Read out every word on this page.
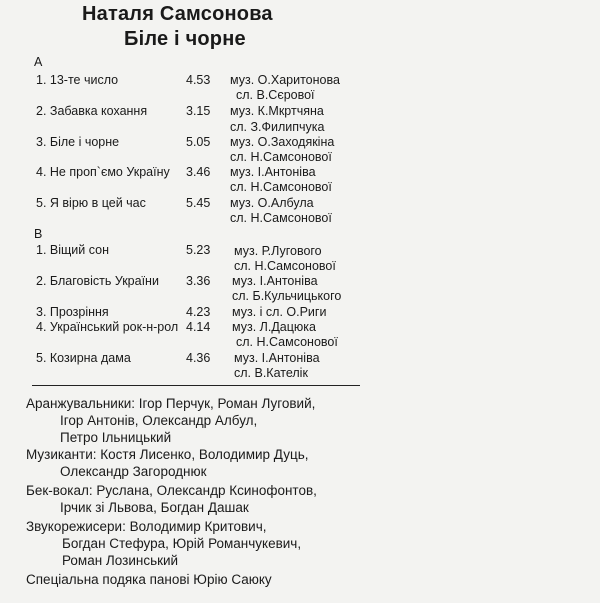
Наталя Самсонова
Біле і чорне
A
1. 13-те число	4.53 муз. О.Харитонова
сл. В.Сєрової
2. Забавка кохання	3.15 муз. К.Мкртчяна
сл. З.Филипчука
3. Біле і чорне	5.05 муз. О.Заходякіна
сл. Н.Самсонової
4. Не проп`ємо Україну 3.46 муз. І.Антоніва
сл. Н.Самсонової
5. Я вірю в цей час	5.45 муз. О.Албула
сл. Н.Самсонової
B
1. Віщий сон	5.23 муз. Р.Лугового
сл. Н.Самсонової
2. Благовість України 3.36 муз. І.Антоніва
сл. Б.Кульчицького
3. Прозріння	4.23 муз. і сл. О.Риги
4. Український рок-н-рол 4.14 муз. Л.Дацюка
сл. Н.Самсонової
5. Козирна дама	4.36 муз. І.Антоніва
сл. В.Кателік
Аранжувальники: Ігор Перчук, Роман Луговий,
Ігор Антонів, Олександр Албул,
Петро Ільницький
Музиканти: Костя Лисенко, Володимир Дуць,
Олександр Загороднюк
Бек-вокал: Руслана, Олександр Ксинофонтов,
Ірчик зі Львова, Богдан Дашак
Звукорежисери: Володимир Критович,
Богдан Стефура, Юрій Романчукевич,
Роман Лозинський
Спеціальна подяка панові Юрію Саюку
